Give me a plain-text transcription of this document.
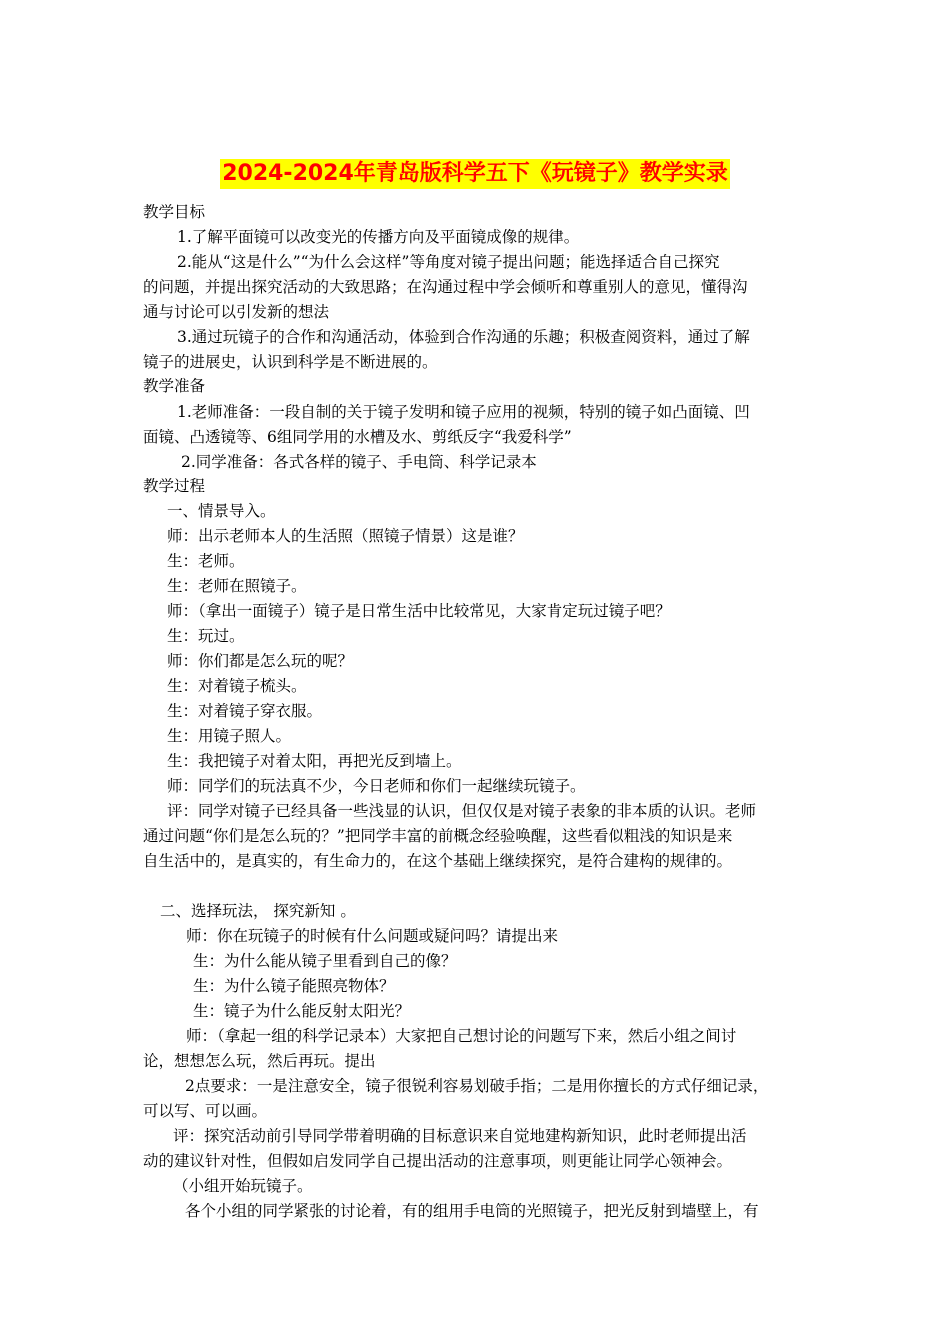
2024-2024年青岛版科学五下《玩镜子》教学实录
教学目标
1.了解平面镜可以改变光的传播方向及平面镜成像的规律。
2.能从“这是什么”“为什么会这样”等角度对镜子提出问题；能选择适合自己探究
的问题，并提出探究活动的大致思路；在沟通过程中学会倾听和尊重别人的意见，懂得沟
通与讨论可以引发新的想法
3.通过玩镜子的合作和沟通活动，体验到合作沟通的乐趣；积极查阅资料，通过了解
镜子的进展史，认识到科学是不断进展的。
教学准备
1.老师准备：一段自制的关于镜子发明和镜子应用的视频，特别的镜子如凸面镜、凹
面镜、凸透镜等、6组同学用的水槽及水、剪纸反字“我爱科学”
2.同学准备：各式各样的镜子、手电筒、科学记录本
教学过程
一、情景导入。
师：出示老师本人的生活照（照镜子情景）这是谁？
生：老师。
生：老师在照镜子。
师：（拿出一面镜子）镜子是日常生活中比较常见，大家肯定玩过镜子吧？
生：玩过。
师：你们都是怎么玩的呢？
生：对着镜子梳头。
生：对着镜子穿衣服。
生：用镜子照人。
生：我把镜子对着太阳，再把光反到墙上。
师：同学们的玩法真不少，今日老师和你们一起继续玩镜子。
评：同学对镜子已经具备一些浅显的认识，但仅仅是对镜子表象的非本质的认识。老师
通过问题“你们是怎么玩的？”把同学丰富的前概念经验唤醒，这些看似粗浅的知识是来
自生活中的，是真实的，有生命力的，在这个基础上继续探究，是符合建构的规律的。
二、选择玩法， 探究新知 。
师：你在玩镜子的时候有什么问题或疑问吗？请提出来
生：为什么能从镜子里看到自己的像？
生：为什么镜子能照亮物体？
生：镜子为什么能反射太阳光？
师：（拿起一组的科学记录本）大家把自己想讨论的问题写下来，然后小组之间讨
论，想想怎么玩，然后再玩。提出
2点要求：一是注意安全，镜子很锐利容易划破手指；二是用你擅长的方式仔细记录，
可以写、可以画。
评：探究活动前引导同学带着明确的目标意识来自觉地建构新知识，此时老师提出活
动的建议针对性，但假如启发同学自己提出活动的注意事项，则更能让同学心领神会。
（小组开始玩镜子。
各个小组的同学紧张的讨论着，有的组用手电筒的光照镜子，把光反射到墙壁上，有
